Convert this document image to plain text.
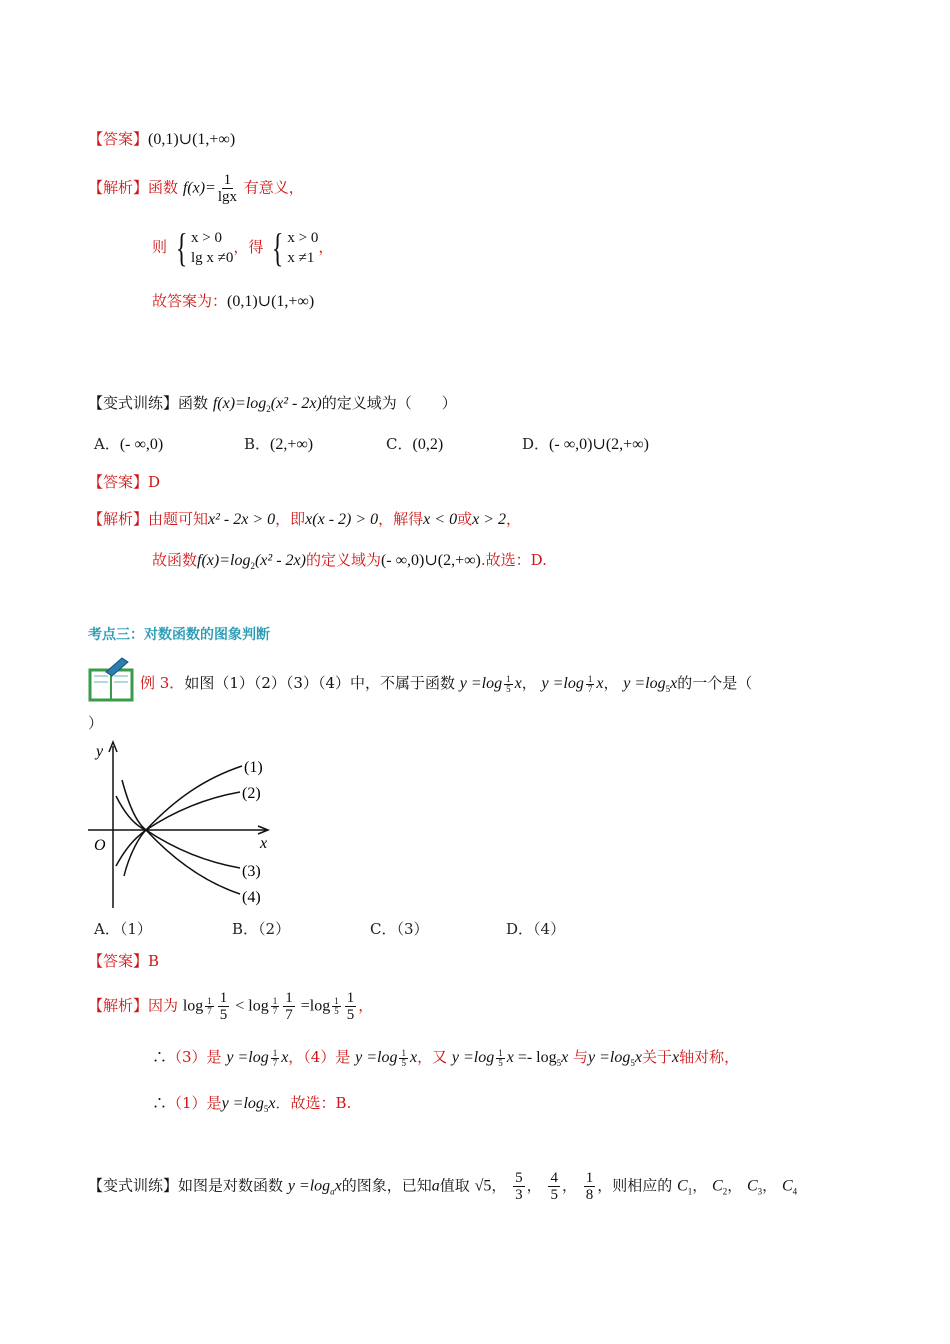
【答案】(0,1)∪(1,+∞)
【解析】函数 $f(x)= \frac{1}{\lg x}$ 有意义，
则 { x > 0
lg x ≠0
，得 { x > 0
x ≠1
，
故答案为：(0,1)∪(1,+∞)
【变式训练】函数 $f(x)=\log_2(x^2 - 2x)$的定义域为（　　）
A．(- ∞,0)	B．(2,+∞)	C．(0,2)	D．(- ∞,0)∪(2,+∞)
【答案】D
【解析】由题可知x² - 2x > 0，即x(x - 2) > 0，解得x < 0或x > 2，
故函数$f(x)=\log_2(x^2 - 2x)$的定义域为(- ∞,0)∪(2,+∞).故选：D.
考点三：对数函数的图象判断
例 3．如图（1）（2）（3）（4）中，不属于函数 $y =\log \frac{1}{5}$ x， $y =\log \frac{1}{7}$ x， $y =\log_5x$的一个是（
）
y
x
O
(1)
(2)
(3)
(4)
A．（1）	B．（2）	C．（3）	D．（4）
【答案】B
【解析】因为 $\log \frac{1}{7} \frac{1}{5} < \log \frac{1}{7} \frac{1}{7} =\log \frac{1}{5} \frac{1}{5}$ ，
∴（3）是 $y =\log \frac{1}{7}$ x，（4）是 $y =\log \frac{1}{5}$ x，又 $y =\log \frac{1}{5}$ $x =- \log_5x$ 与$y =\log_5x$关于x轴对称，
∴（1）是$y =\log_5x$．故选：B.
【变式训练】如图是对数函数 $y =\log_ax$的图象，已知a值取 √5， $\frac{5}{3}$ ， $\frac{4}{5}$ ， $\frac{1}{8}$ ，则相应的 $C_1$， $C_2$， $C_3$， $C_4$
